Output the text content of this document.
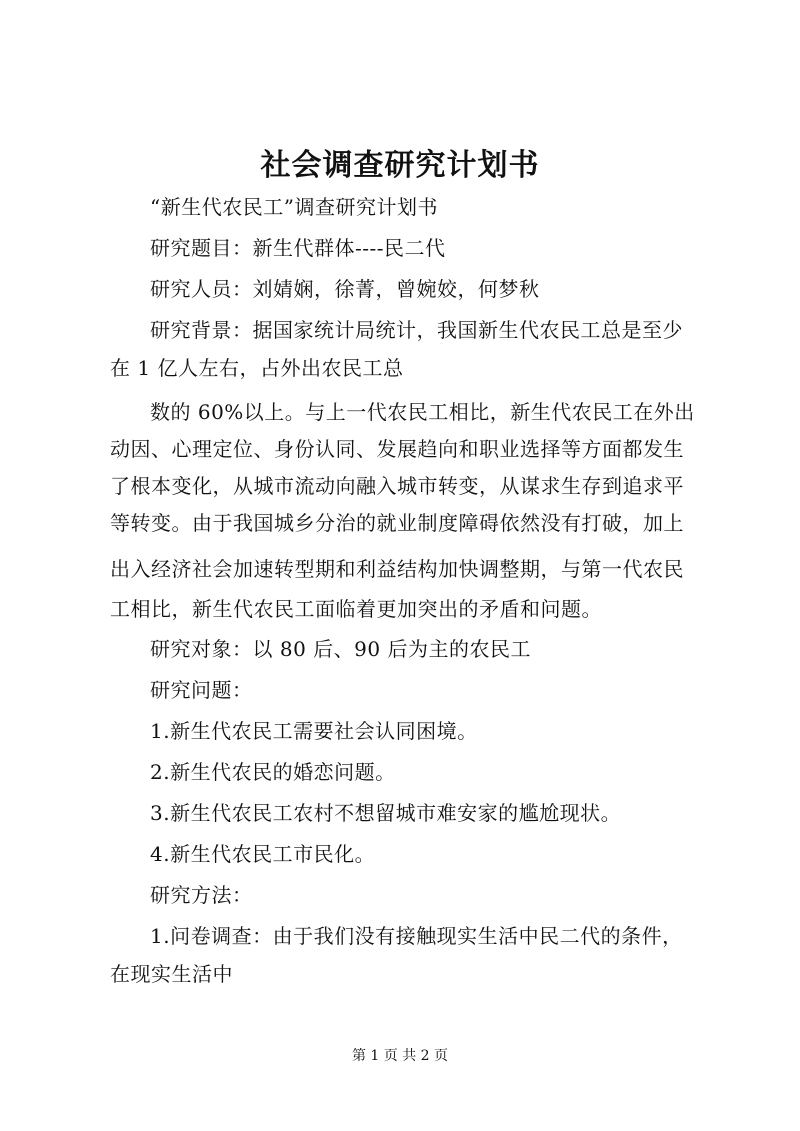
社会调查研究计划书
“新生代农民工”调查研究计划书
研究题目：新生代群体----民二代
研究人员：刘婧娴，徐菁，曾婉姣，何梦秋
研究背景：据国家统计局统计，我国新生代农民工总是至少
在 1 亿人左右，占外出农民工总
数的 60%以上。与上一代农民工相比，新生代农民工在外出
动因、心理定位、身份认同、发展趋向和职业选择等方面都发生
了根本变化，从城市流动向融入城市转变，从谋求生存到追求平
等转变。由于我国城乡分治的就业制度障碍依然没有打破，加上
出入经济社会加速转型期和利益结构加快调整期，与第一代农民
工相比，新生代农民工面临着更加突出的矛盾和问题。
研究对象：以 80 后、90 后为主的农民工
研究问题：
1.新生代农民工需要社会认同困境。
2.新生代农民的婚恋问题。
3.新生代农民工农村不想留城市难安家的尴尬现状。
4.新生代农民工市民化。
研究方法：
1.问卷调查：由于我们没有接触现实生活中民二代的条件，
在现实生活中
第 1 页 共 2 页
